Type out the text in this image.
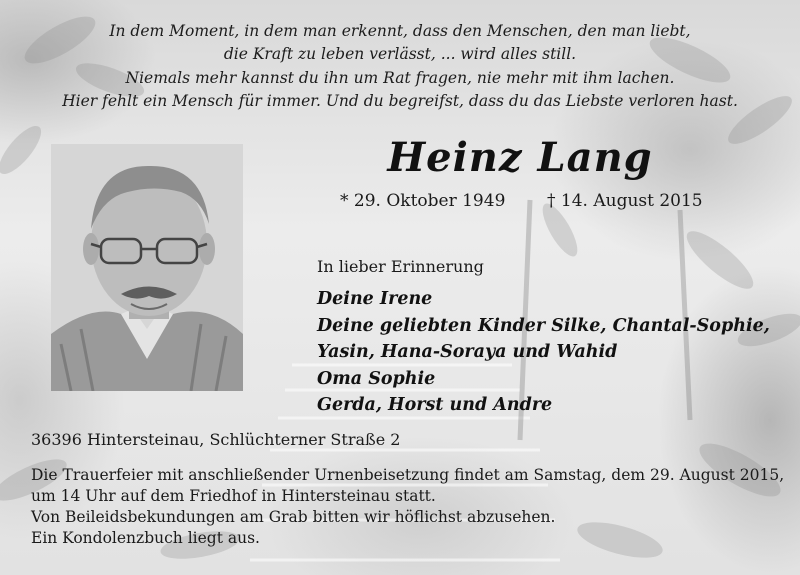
In dem Moment, in dem man erkennt, dass den Menschen, den man liebt,
die Kraft zu leben verlässt, ... wird alles still.
Niemals mehr kannst du ihn um Rat fragen, nie mehr mit ihm lachen.
Hier fehlt ein Mensch für immer. Und du begreifst, dass du das Liebste verloren hast.
Heinz Lang
* 29. Oktober 1949 † 14. August 2015
In lieber Erinnerung
Deine Irene
Deine geliebten Kinder Silke, Chantal-Sophie,
Yasin, Hana-Soraya und Wahid
Oma Sophie
Gerda, Horst und Andre
36396 Hintersteinau, Schlüchterner Straße 2
Die Trauerfeier mit anschließender Urnenbeisetzung findet am Samstag, dem 29. August 2015,
um 14 Uhr auf dem Friedhof in Hintersteinau statt.
Von Beileidsbekundungen am Grab bitten wir höflichst abzusehen.
Ein Kondolenzbuch liegt aus.
